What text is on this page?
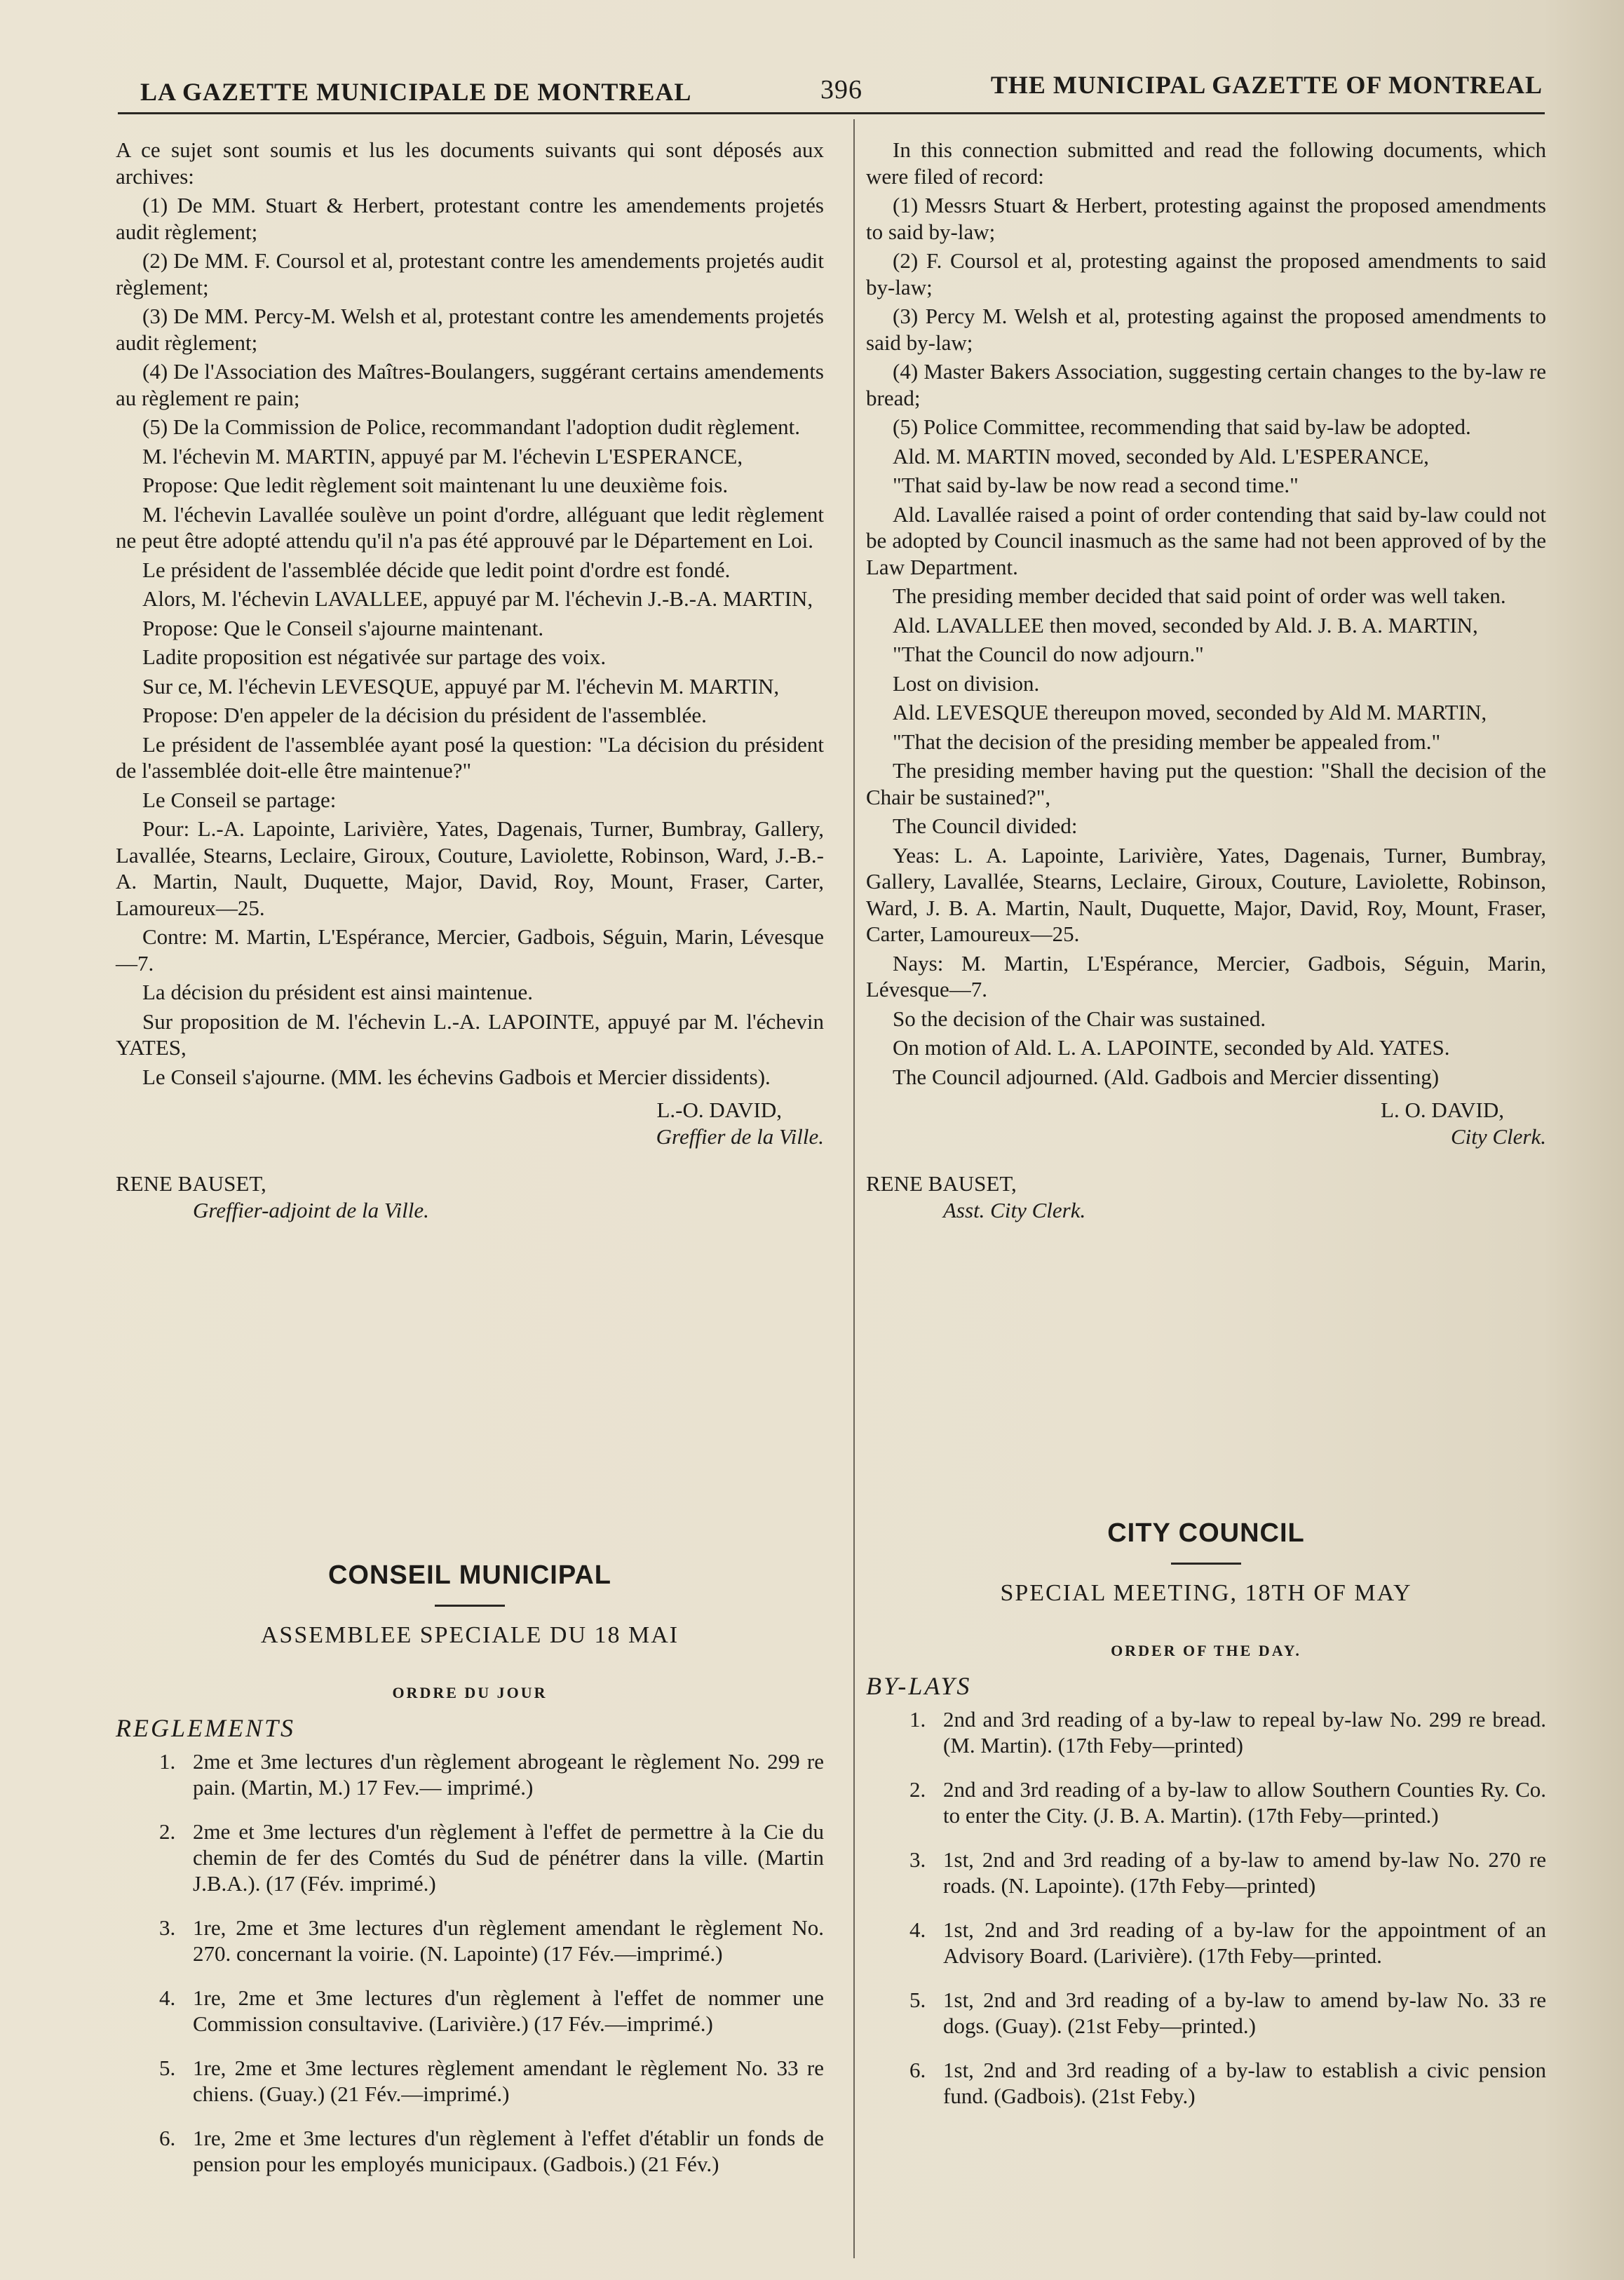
LA GAZETTE MUNICIPALE DE MONTREAL	396	THE MUNICIPAL GAZETTE OF MONTREAL

A ce sujet sont soumis et lus les documents suivants qui sont déposés aux archives:

(1) De MM. Stuart & Herbert, protestant contre les amendements projetés audit règlement;

(2) De MM. F. Coursol et al, protestant contre les amendements projetés audit règlement;

(3) De MM. Percy-M. Welsh et al, protestant contre les amendements projetés audit règlement;

(4) De l'Association des Maîtres-Boulangers, suggérant certains amendements au règlement re pain;

(5) De la Commission de Police, recommandant l'adoption dudit règlement.

M. l'échevin M. MARTIN, appuyé par M. l'échevin L'ESPERANCE,

Propose: Que ledit règlement soit maintenant lu une deuxième fois.

M. l'échevin Lavallée soulève un point d'ordre, alléguant que ledit règlement ne peut être adopté attendu qu'il n'a pas été approuvé par le Département en Loi.

Le président de l'assemblée décide que ledit point d'ordre est fondé.

Alors, M. l'échevin LAVALLEE, appuyé par M. l'échevin J.-B.-A. MARTIN,

Propose: Que le Conseil s'ajourne maintenant.

Ladite proposition est négativée sur partage des voix.

Sur ce, M. l'échevin LEVESQUE, appuyé par M. l'échevin M. MARTIN,

Propose: D'en appeler de la décision du président de l'assemblée.

Le président de l'assemblée ayant posé la question: "La décision du président de l'assemblée doit-elle être maintenue?"

Le Conseil se partage:

Pour: L.-A. Lapointe, Larivière, Yates, Dagenais, Turner, Bumbray, Gallery, Lavallée, Stearns, Leclaire, Giroux, Couture, Laviolette, Robinson, Ward, J.-B.-A. Martin, Nault, Duquette, Major, David, Roy, Mount, Fraser, Carter, Lamoureux—25.

Contre: M. Martin, L'Espérance, Mercier, Gadbois, Séguin, Marin, Lévesque—7.

La décision du président est ainsi maintenue.

Sur proposition de M. l'échevin L.-A. LAPOINTE, appuyé par M. l'échevin YATES,

Le Conseil s'ajourne. (MM. les échevins Gadbois et Mercier dissidents).

L.-O. DAVID,
Greffier de la Ville.
RENE BAUSET,
Greffier-adjoint de la Ville.
CONSEIL MUNICIPAL
ASSEMBLEE SPECIALE DU 18 MAI
ORDRE DU JOUR
REGLEMENTS
1. 2me et 3me lectures d'un règlement abrogeant le règlement No. 299 re pain. (Martin, M.) 17 Fev.— imprimé.)
2. 2me et 3me lectures d'un règlement à l'effet de permettre à la Cie du chemin de fer des Comtés du Sud de pénétrer dans la ville. (Martin J.B.A.). (17 (Fév. imprimé.)
3. 1re, 2me et 3me lectures d'un règlement amendant le règlement No. 270. concernant la voirie. (N. Lapointe) (17 Fév.—imprimé.)
4. 1re, 2me et 3me lectures d'un règlement à l'effet de nommer une Commission consultavive. (Larivière.) (17 Fév.—imprimé.)
5. 1re, 2me et 3me lectures règlement amendant le règlement No. 33 re chiens. (Guay.) (21 Fév.—imprimé.)
6. 1re, 2me et 3me lectures d'un règlement à l'effet d'établir un fonds de pension pour les employés municipaux. (Gadbois.) (21 Fév.)

In this connection submitted and read the following documents, which were filed of record:

(1) Messrs Stuart & Herbert, protesting against the proposed amendments to said by-law;

(2) F. Coursol et al, protesting against the proposed amendments to said by-law;

(3) Percy M. Welsh et al, protesting against the proposed amendments to said by-law;

(4) Master Bakers Association, suggesting certain changes to the by-law re bread;

(5) Police Committee, recommending that said by-law be adopted.

Ald. M. MARTIN moved, seconded by Ald. L'ESPERANCE,

"That said by-law be now read a second time."

Ald. Lavallée raised a point of order contending that said by-law could not be adopted by Council inasmuch as the same had not been approved of by the Law Department.

The presiding member decided that said point of order was well taken.

Ald. LAVALLEE then moved, seconded by Ald. J. B. A. MARTIN,

"That the Council do now adjourn."

Lost on division.

Ald. LEVESQUE thereupon moved, seconded by Ald M. MARTIN,

"That the decision of the presiding member be appealed from."

The presiding member having put the question: "Shall the decision of the Chair be sustained?",

The Council divided:

Yeas: L. A. Lapointe, Larivière, Yates, Dagenais, Turner, Bumbray, Gallery, Lavallée, Stearns, Leclaire, Giroux, Couture, Laviolette, Robinson, Ward, J. B. A. Martin, Nault, Duquette, Major, David, Roy, Mount, Fraser, Carter, Lamoureux—25.

Nays: M. Martin, L'Espérance, Mercier, Gadbois, Séguin, Marin, Lévesque—7.

So the decision of the Chair was sustained.

On motion of Ald. L. A. LAPOINTE, seconded by Ald. YATES.

The Council adjourned. (Ald. Gadbois and Mercier dissenting)

L. O. DAVID,
City Clerk.
RENE BAUSET,
Asst. City Clerk.
CITY COUNCIL
SPECIAL MEETING, 18TH OF MAY
ORDER OF THE DAY.
BY-LAYS
1. 2nd and 3rd reading of a by-law to repeal by-law No. 299 re bread. (M. Martin). (17th Feby—printed)
2. 2nd and 3rd reading of a by-law to allow Southern Counties Ry. Co. to enter the City. (J. B. A. Martin). (17th Feby—printed.)
3. 1st, 2nd and 3rd reading of a by-law to amend by-law No. 270 re roads. (N. Lapointe). (17th Feby—printed)
4. 1st, 2nd and 3rd reading of a by-law for the appointment of an Advisory Board. (Larivière). (17th Feby—printed.
5. 1st, 2nd and 3rd reading of a by-law to amend by-law No. 33 re dogs. (Guay). (21st Feby—printed.)
6. 1st, 2nd and 3rd reading of a by-law to establish a civic pension fund. (Gadbois). (21st Feby.)
